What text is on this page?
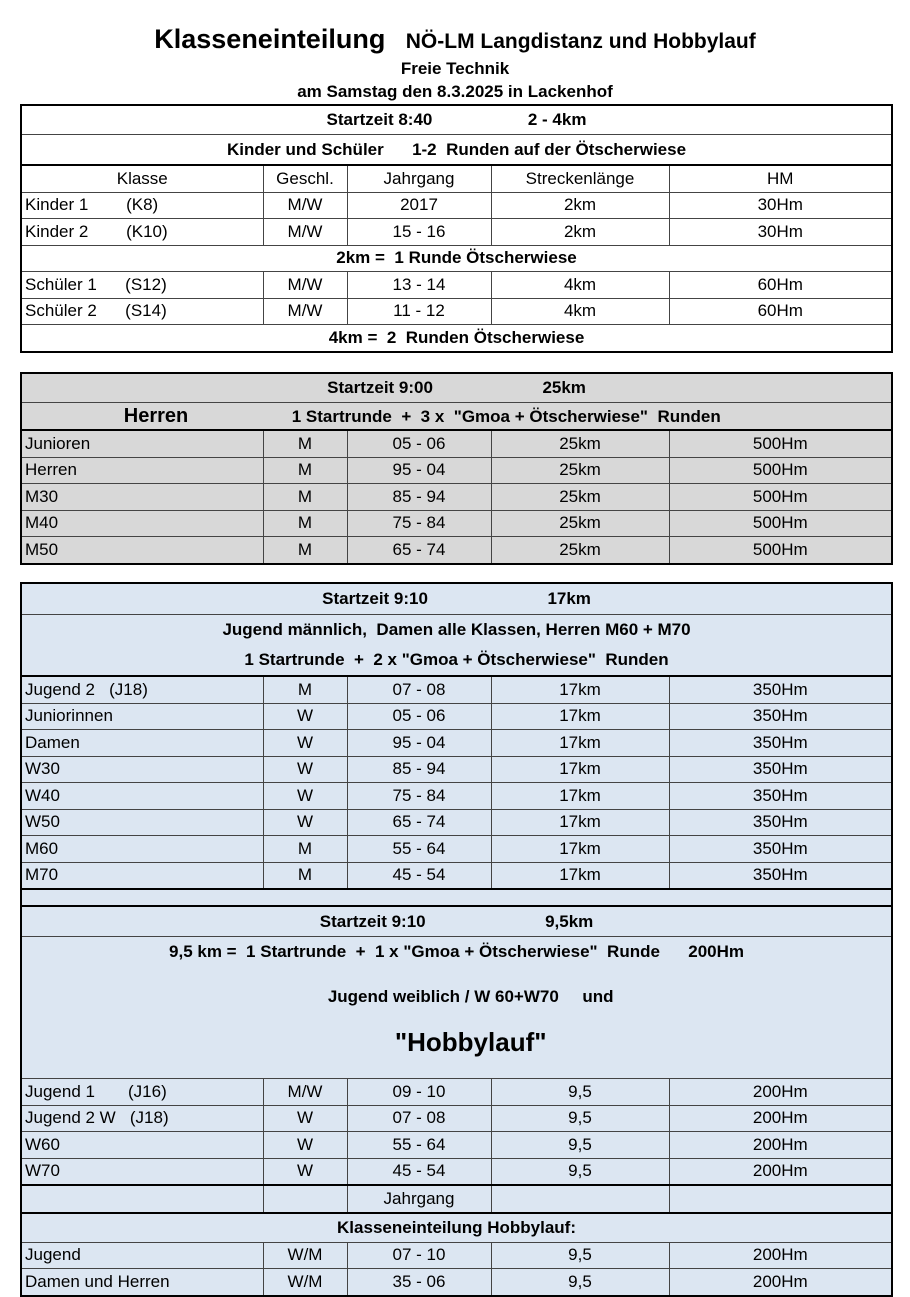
Klasseneinteilung NÖ-LM Langdistanz und Hobbylauf
Freie Technik
am Samstag den 8.3.2025 in Lackenhof
Startzeit 8:40 2 - 4km				
Kinder und Schüler      1-2  Runden auf der Ötscherwiese				
Klasse	Geschl.	Jahrgang	Streckenlänge	HM
Kinder 1        (K8)	M/W	2017	2km	30Hm
Kinder 2        (K10)	M/W	15 - 16	2km	30Hm
2km =  1 Runde Ötscherwiese				
Schüler 1      (S12)	M/W	13 - 14	4km	60Hm
Schüler 2      (S14)	M/W	11 - 12	4km	60Hm
4km =  2  Runden Ötscherwiese				
Startzeit 9:00 25km				
Herren 1 Startrunde  +  3 x  "Gmoa + Ötscherwiese"  Runden				
Junioren	M	05 - 06	25km	500Hm
Herren	M	95 - 04	25km	500Hm
M30	M	85 - 94	25km	500Hm
M40	M	75 - 84	25km	500Hm
M50	M	65 - 74	25km	500Hm
Startzeit 9:10 17km				
Jugend männlich,  Damen alle Klassen, Herren M60 + M70				
1 Startrunde  +  2 x "Gmoa + Ötscherwiese"  Runden				
Jugend 2   (J18)	M	07 - 08	17km	350Hm
Juniorinnen	W	05 - 06	17km	350Hm
Damen	W	95 - 04	17km	350Hm
W30	W	85 - 94	17km	350Hm
W40	W	75 - 84	17km	350Hm
W50	W	65 - 74	17km	350Hm
M60	M	55 - 64	17km	350Hm
M70	M	45 - 54	17km	350Hm

Startzeit 9:10 9,5km				
9,5 km =  1 Startrunde  +  1 x "Gmoa + Ötscherwiese"  Runde      200Hm				

Jugend weiblich / W 60+W70     und

"Hobbylauf"				

Jugend 1       (J16)	M/W	09 - 10	9,5	200Hm
Jugend 2 W   (J18)	W	07 - 08	9,5	200Hm
W60	W	55 - 64	9,5	200Hm
W70	W	45 - 54	9,5	200Hm
		Jahrgang		
Klasseneinteilung Hobbylauf:				
Jugend	W/M	07 - 10	9,5	200Hm
Damen und Herren	W/M	35 - 06	9,5	200Hm
